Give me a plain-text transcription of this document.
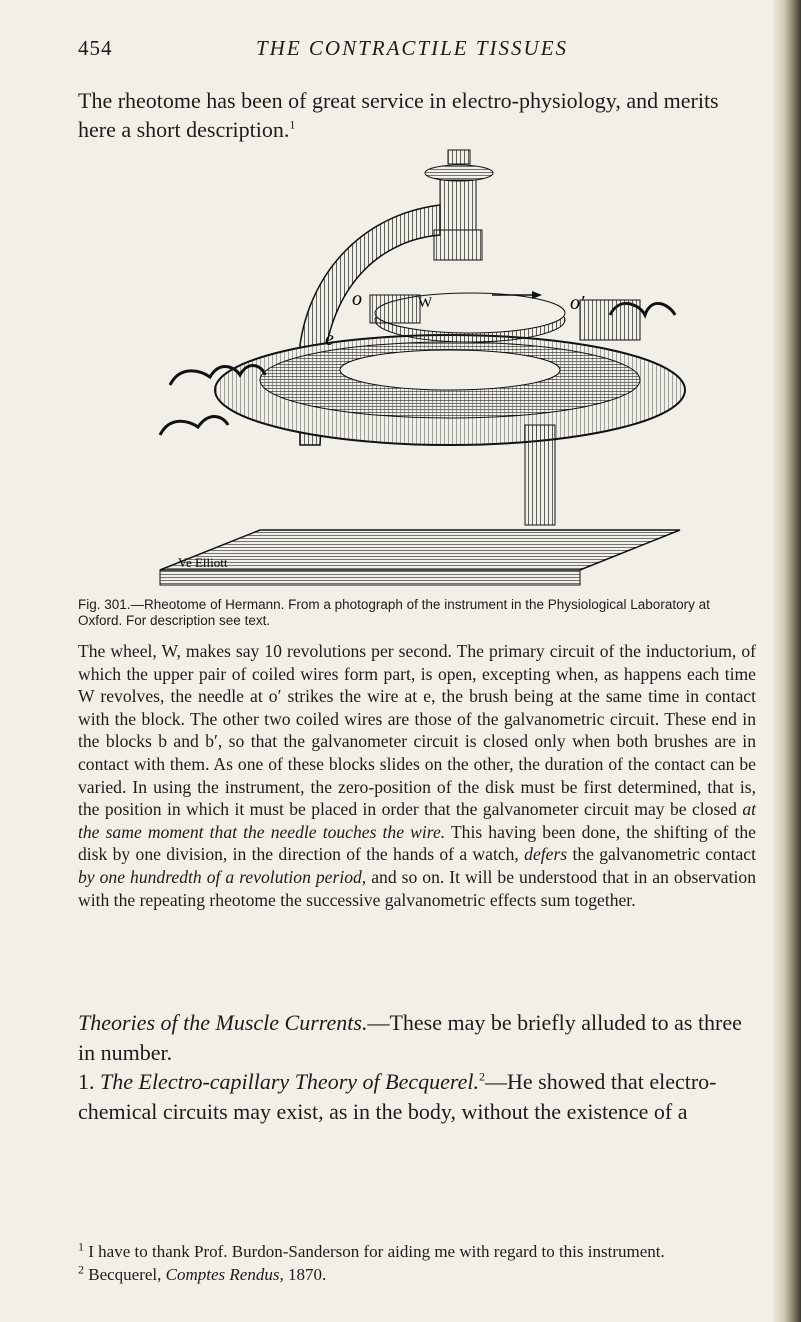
454	THE CONTRACTILE TISSUES
The rheotome has been of great service in electro-physiology, and merits here a short description.$^1$
o	W	o′
e
Ve Elliott
Fig. 301.—Rheotome of Hermann. From a photograph of the instrument in the Physiological Laboratory at Oxford. For description see text.
The wheel, W, makes say 10 revolutions per second. The primary circuit of the inductorium, of which the upper pair of coiled wires form part, is open, excepting when, as happens each time W revolves, the needle at o′ strikes the wire at e, the brush being at the same time in contact with the block. The other two coiled wires are those of the galvanometric circuit. These end in the blocks b and b′, so that the galvanometer circuit is closed only when both brushes are in contact with them. As one of these blocks slides on the other, the duration of the contact can be varied. In using the instrument, the zero-position of the disk must be first determined, that is, the position in which it must be placed in order that the galvanometer circuit may be closed at the same moment that the needle touches the wire. This having been done, the shifting of the disk by one division, in the direction of the hands of a watch, defers the galvanometric contact by one hundredth of a revolution period, and so on. It will be understood that in an observation with the repeating rheotome the successive galvanometric effects sum together.

Theories of the Muscle Currents.—These may be briefly alluded to as three in number.

1. The Electro-capillary Theory of Becquerel.$^2$—He showed that electro-chemical circuits may exist, as in the body, without the existence of a

$^1$ I have to thank Prof. Burdon-Sanderson for aiding me with regard to this instrument.

$^2$ Becquerel, Comptes Rendus, 1870.
